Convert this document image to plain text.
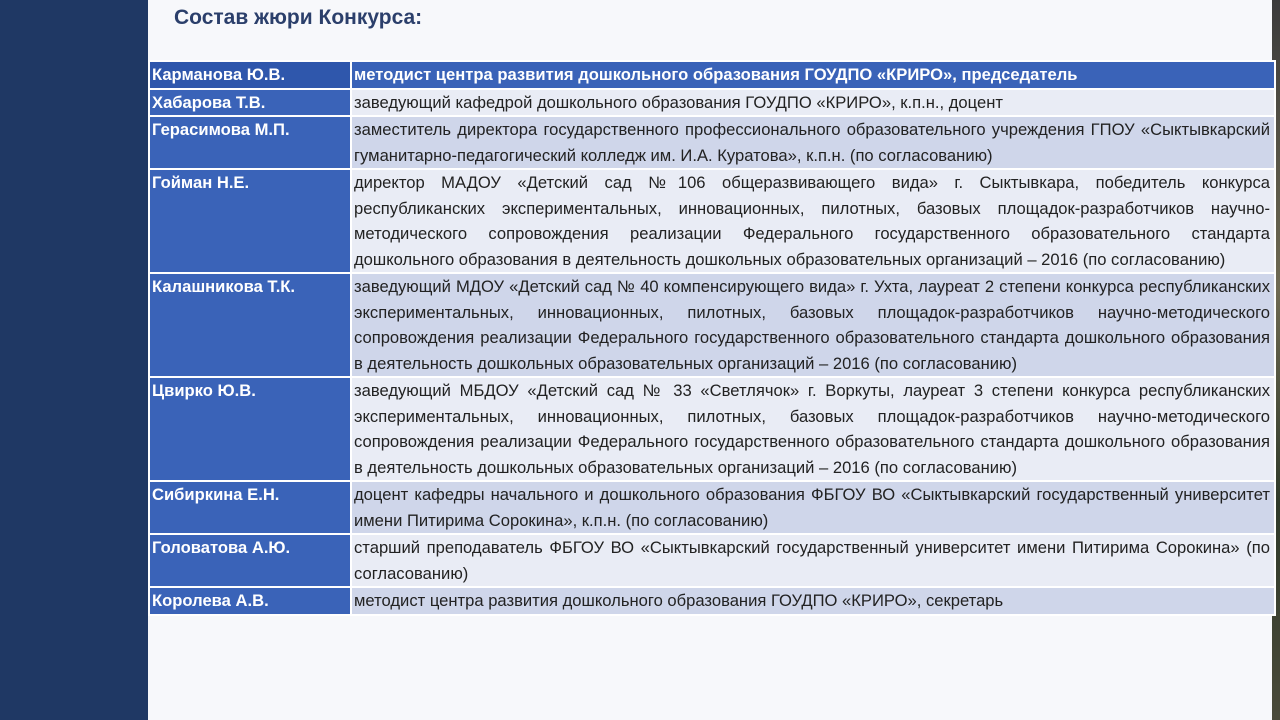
Состав жюри Конкурса:
Карманова Ю.В.	методист центра развития дошкольного образования ГОУДПО «КРИРО», председатель
Хабарова Т.В.	заведующий кафедрой дошкольного образования ГОУДПО «КРИРО», к.п.н., доцент
Герасимова М.П.	заместитель директора государственного профессионального образовательного учреждения ГПОУ «Сыктывкарский гуманитарно-педагогический колледж им. И.А. Куратова», к.п.н. (по согласованию)
Гойман Н.Е.	директор МАДОУ «Детский сад №106 общеразвивающего вида» г. Сыктывкара, победитель конкурса республиканских экспериментальных, инновационных, пилотных, базовых площадок-разработчиков научно-методического сопровождения реализации Федерального государственного образовательного стандарта дошкольного образования в деятельность дошкольных образовательных организаций – 2016 (по согласованию)
Калашникова Т.К.	заведующий МДОУ «Детский сад № 40 компенсирующего вида» г. Ухта, лауреат 2 степени конкурса республиканских экспериментальных, инновационных, пилотных, базовых площадок-разработчиков научно-методического сопровождения реализации Федерального государственного образовательного стандарта дошкольного образования в деятельность дошкольных образовательных организаций – 2016 (по согласованию)
Цвирко Ю.В.	заведующий МБДОУ «Детский сад № 33 «Светлячок» г. Воркуты, лауреат 3 степени конкурса республиканских экспериментальных, инновационных, пилотных, базовых площадок-разработчиков научно-методического сопровождения реализации Федерального государственного образовательного стандарта дошкольного образования в деятельность дошкольных образовательных организаций – 2016 (по согласованию)
Сибиркина Е.Н.	доцент кафедры начального и дошкольного образования ФБГОУ ВО «Сыктывкарский государственный университет имени Питирима Сорокина», к.п.н. (по согласованию)
Головатова А.Ю.	старший преподаватель ФБГОУ ВО «Сыктывкарский государственный университет имени Питирима Сорокина» (по согласованию)
Королева А.В.	методист центра развития дошкольного образования ГОУДПО «КРИРО», секретарь
